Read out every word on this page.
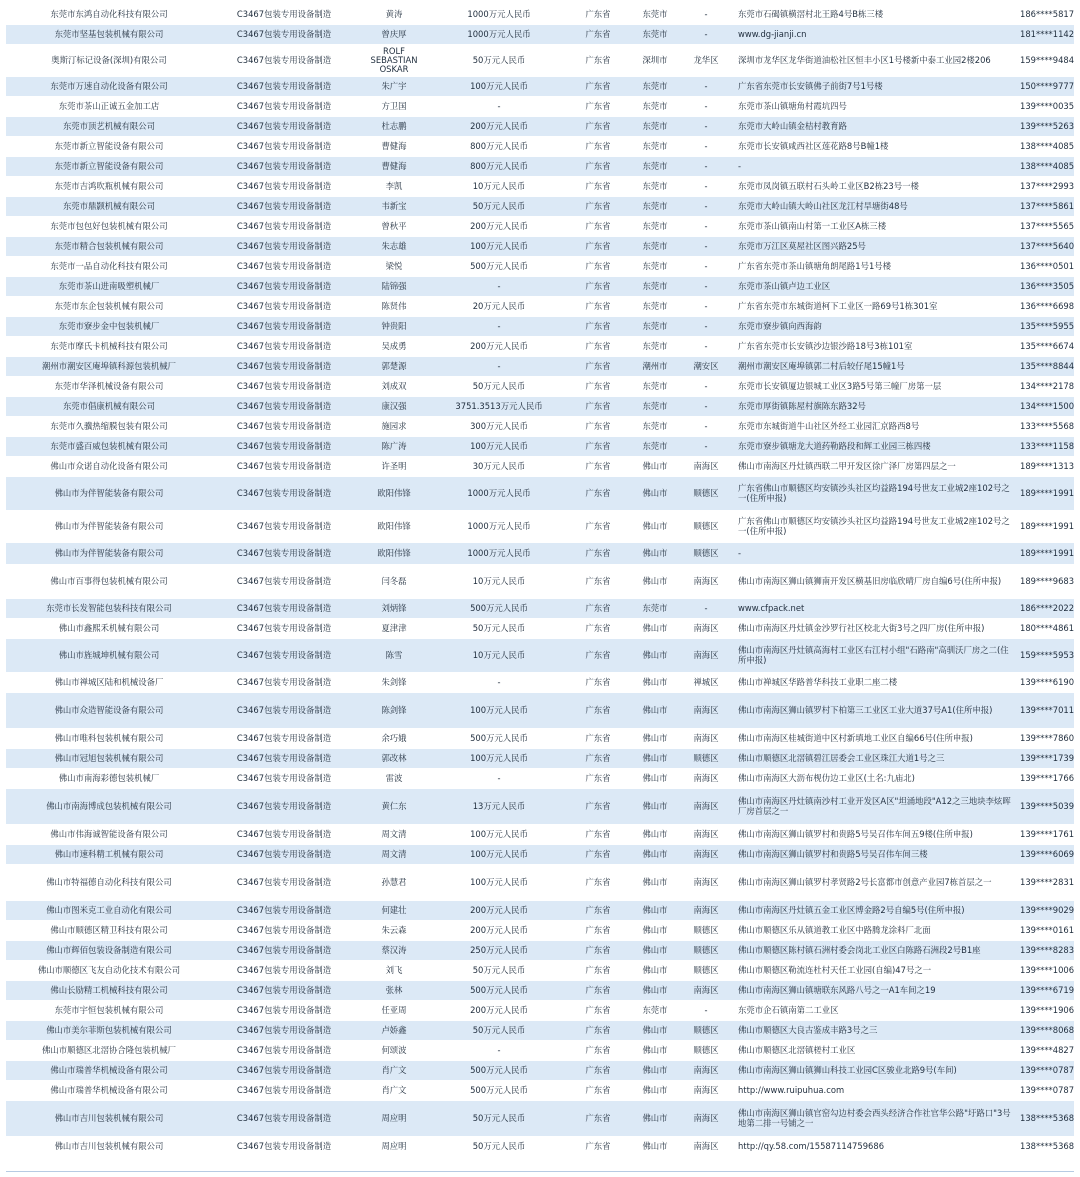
东莞市东鸿自动化科技有限公司	C3467包装专用设备制造	黄涛	1000万元人民币	广东省	东莞市	-	东莞市石碣镇横滘村北王路4号B栋三楼	186****5817
东莞市坚基包装机械有限公司	C3467包装专用设备制造	曾庆厚	1000万元人民币	广东省	东莞市	-	www.dg-jianji.cn	181****1142
奥斯汀标记设备(深圳)有限公司	C3467包装专用设备制造	ROLF SEBASTIAN OSKAR	50万元人民币	广东省	深圳市	龙华区	深圳市龙华区龙华街道油松社区恒丰小区1号楼新中泰工业园2楼206	159****9484
东莞市万速自动化设备有限公司	C3467包装专用设备制造	朱广宇	100万元人民币	广东省	东莞市	-	广东省东莞市长安镇佛子前街7号1号楼	150****9777
东莞市茶山正诚五金加工店	C3467包装专用设备制造	方卫国	-	广东省	东莞市	-	东莞市茶山镇塘角村霞坑四号	139****0035
东莞市顶艺机械有限公司	C3467包装专用设备制造	杜志鹏	200万元人民币	广东省	东莞市	-	东莞市大岭山镇金桔村教育路	139****5263
东莞市新立智能设备有限公司	C3467包装专用设备制造	曹健海	800万元人民币	广东省	东莞市	-	东莞市长安镇咸西社区莲花路8号B幢1楼	138****4085
东莞市新立智能设备有限公司	C3467包装专用设备制造	曹健海	800万元人民币	广东省	东莞市	-	-	138****4085
东莞市吉鸿吹瓶机械有限公司	C3467包装专用设备制造	李凯	10万元人民币	广东省	东莞市	-	东莞市凤岗镇五联村石头岭工业区B2栋23号一楼	137****2993
东莞市鼎颢机械有限公司	C3467包装专用设备制造	韦新宝	50万元人民币	广东省	东莞市	-	东莞市大岭山镇大岭山社区龙江村旱塘街48号	137****5861
东莞市包包好包装机械有限公司	C3467包装专用设备制造	曾秋平	200万元人民币	广东省	东莞市	-	东莞市茶山镇南山村第一工业区A栋三楼	137****5565
东莞市精合包装机械有限公司	C3467包装专用设备制造	朱志雄	100万元人民币	广东省	东莞市	-	东莞市万江区莫屋社区图兴路25号	137****5640
东莞市一品自动化科技有限公司	C3467包装专用设备制造	梁悦	500万元人民币	广东省	东莞市	-	广东省东莞市茶山镇塘角朗尾路1号1号楼	136****0501
东莞市茶山进南吸塑机械厂	C3467包装专用设备制造	陆锦强	-	广东省	东莞市	-	东莞市茶山镇卢边工业区	136****3505
东莞市东企包装机械有限公司	C3467包装专用设备制造	陈贤伟	20万元人民币	广东省	东莞市	-	广东省东莞市东城街道柯下工业区一路69号1栋301室	136****6698
东莞市寮步金中包装机械厂	C3467包装专用设备制造	钟贵阳	-	广东省	东莞市	-	东莞市寮步镇向西海韵	135****5955
东莞市摩氏卡机械科技有限公司	C3467包装专用设备制造	吴成勇	200万元人民币	广东省	东莞市	-	广东省东莞市长安镇沙边银沙路18号3栋101室	135****6674
潮州市潮安区庵埠镇科源包装机械厂	C3467包装专用设备制造	郭楚源	-	广东省	潮州市	潮安区	潮州市潮安区庵埠镇郭二村后较仔尾15幢1号	135****8844
东莞市华泽机械设备有限公司	C3467包装专用设备制造	刘成双	50万元人民币	广东省	东莞市	-	东莞市长安镇厦边银城工业区3路5号第三幢厂房第一层	134****2178
东莞市倡康机械有限公司	C3467包装专用设备制造	康汉强	3751.3513万元人民币	广东省	东莞市	-	东莞市厚街镇陈屋村旗陈东路32号	134****1500
东莞市久骥热缩膜包装有限公司	C3467包装专用设备制造	施园求	300万元人民币	广东省	东莞市	-	东莞市东城街道牛山社区外经工业园汇京路西8号	133****5568
东莞市盛百威包装机械有限公司	C3467包装专用设备制造	陈广涛	100万元人民币	广东省	东莞市	-	东莞市寮步镇塘龙大道药勒路段和辉工业园三栋四楼	133****1158
佛山市众诺自动化设备有限公司	C3467包装专用设备制造	许圣明	30万元人民币	广东省	佛山市	南海区	佛山市南海区丹灶镇西联二甲开发区徐广泽厂房第四层之一	189****1313
佛山市为伴智能装备有限公司	C3467包装专用设备制造	欧阳伟锋	1000万元人民币	广东省	佛山市	顺德区	广东省佛山市顺德区均安镇沙头社区均益路194号世友工业城2座102号之一(住所申报)	189****1991
佛山市为伴智能装备有限公司	C3467包装专用设备制造	欧阳伟锋	1000万元人民币	广东省	佛山市	顺德区	广东省佛山市顺德区均安镇沙头社区均益路194号世友工业城2座102号之一(住所申报)	189****1991
佛山市为伴智能装备有限公司	C3467包装专用设备制造	欧阳伟锋	1000万元人民币	广东省	佛山市	顺德区	-	189****1991
佛山市百事得包装机械有限公司	C3467包装专用设备制造	闫冬磊	10万元人民币	广东省	佛山市	南海区	佛山市南海区狮山镇狮南开发区横基旧房临欣晴厂房自编6号(住所申报)	189****9683
东莞市长发智能包装科技有限公司	C3467包装专用设备制造	刘炳锋	500万元人民币	广东省	东莞市	-	www.cfpack.net	186****2022
佛山市鑫熙禾机械有限公司	C3467包装专用设备制造	夏津津	50万元人民币	广东省	佛山市	南海区	佛山市南海区丹灶镇金沙罗行社区校北大街3号之四厂房(住所申报)	180****4861
佛山市旌城坤机械有限公司	C3467包装专用设备制造	陈雪	10万元人民币	广东省	佛山市	南海区	佛山市南海区丹灶镇高海村工业区右江村小组"石路南"高驯沃厂房之二(住所申报)	159****5953
佛山市禅城区陆和机械设备厂	C3467包装专用设备制造	朱剑锋	-	广东省	佛山市	禅城区	佛山市禅城区华路普华科技工业职二座二楼	139****6190
佛山市众造智能设备有限公司	C3467包装专用设备制造	陈剑锋	100万元人民币	广东省	佛山市	南海区	佛山市南海区狮山镇罗村下柏第三工业区工业大道37号A1(住所申报)	139****7011
佛山市唯科包装机械有限公司	C3467包装专用设备制造	余巧娥	500万元人民币	广东省	佛山市	南海区	佛山市南海区桂城街道中区村新填地工业区自编66号(住所申报)	139****7860
佛山市冠旭包装机械有限公司	C3467包装专用设备制造	郭改林	100万元人民币	广东省	佛山市	顺德区	佛山市顺德区北滘镇碧江居委会工业区珠江大道1号之三	139****1739
佛山市南海彩德包装机械厂	C3467包装专用设备制造	雷波	-	广东省	佛山市	南海区	佛山市南海区大沥布枧仂边工业区(土名:九庙北)	139****1766
佛山市南海博成包装机械有限公司	C3467包装专用设备制造	黄仁东	13万元人民币	广东省	佛山市	南海区	佛山市南海区丹灶镇南沙村工业开发区A区"坦涌地段"A12之三地块李炫晖厂房首层之一	139****5039
佛山市伟海诚智能设备有限公司	C3467包装专用设备制造	周文清	100万元人民币	广东省	佛山市	南海区	佛山市南海区狮山镇罗村和贵路5号吴召伟车间五9楼(住所申报)	139****1761
佛山市速科精工机械有限公司	C3467包装专用设备制造	周文清	100万元人民币	广东省	佛山市	南海区	佛山市南海区狮山镇罗村和贵路5号吴召伟车间三楼	139****6069
佛山市特福德自动化科技有限公司	C3467包装专用设备制造	孙慧君	100万元人民币	广东省	佛山市	南海区	佛山市南海区狮山镇罗村孝贤路2号长富都市创意产业园7栋首层之一	139****2831
佛山市图米克工业自动化有限公司	C3467包装专用设备制造	何建壮	200万元人民币	广东省	佛山市	南海区	佛山市南海区丹灶镇五金工业区博金路2号自编5号(住所申报)	139****9029
佛山市顺德区精卫科技有限公司	C3467包装专用设备制造	朱云森	200万元人民币	广东省	佛山市	顺德区	佛山市顺德区乐从镇道教工业区中路腾龙涂料厂北面	139****0161
佛山市辉佰包装设备制造有限公司	C3467包装专用设备制造	蔡汉涛	250万元人民币	广东省	佛山市	顺德区	佛山市顺德区陈村镇石洲村委会岗北工业区白陈路石洲段2号B1座	139****8283
佛山市顺德区飞友自动化技术有限公司	C3467包装专用设备制造	刘飞	50万元人民币	广东省	佛山市	顺德区	佛山市顺德区勒流连杜村天任工业园(自编)47号之一	139****1006
佛山长励精工机械科技有限公司	C3467包装专用设备制造	张林	500万元人民币	广东省	佛山市	南海区	佛山市南海区狮山镇塘联东风路八号之一A1车间之19	139****6719
东莞市宇恒包装机械有限公司	C3467包装专用设备制造	任亚周	200万元人民币	广东省	东莞市	-	东莞市企石镇南第二工业区	139****1906
佛山市美尔菲斯包装机械有限公司	C3467包装专用设备制造	卢娇鑫	50万元人民币	广东省	佛山市	顺德区	佛山市顺德区大良古鉴成丰路3号之三	139****8068
佛山市顺德区北滘协合隆包装机械厂	C3467包装专用设备制造	何颂波	-	广东省	佛山市	顺德区	佛山市顺德区北滘镇槎村工业区	139****4827
佛山市瑞普华机械设备有限公司	C3467包装专用设备制造	肖广文	500万元人民币	广东省	佛山市	南海区	佛山市南海区狮山镇狮山科技工业园C区骏业北路9号(车间)	139****0787
佛山市瑞普华机械设备有限公司	C3467包装专用设备制造	肖广文	500万元人民币	广东省	佛山市	南海区	http://www.ruipuhua.com	139****0787
佛山市吉川包装机械有限公司	C3467包装专用设备制造	周应明	50万元人民币	广东省	佛山市	南海区	佛山市南海区狮山镇官窑勾边村委会西头经济合作社官华公路"圩路口"3号地第二排一号铺之一	138****5368
佛山市吉川包装机械有限公司	C3467包装专用设备制造	周应明	50万元人民币	广东省	佛山市	南海区	http://qy.58.com/15587114759686	138****5368
